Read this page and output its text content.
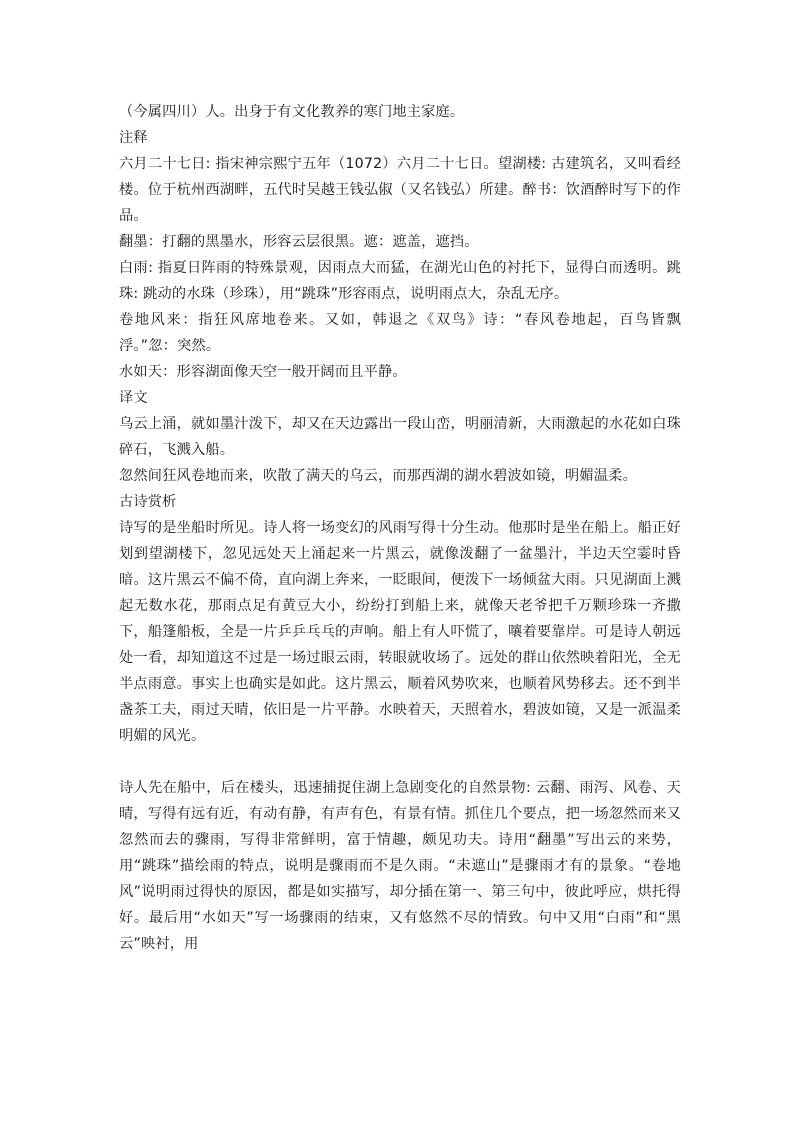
（今属四川）人。出身于有文化教养的寒门地主家庭。

注释

六月二十七日: 指宋神宗熙宁五年（1072）六月二十七日。望湖楼: 古建筑名，又叫看经楼。位于杭州西湖畔，五代时吴越王钱弘俶（又名钱弘）所建。醉书：饮酒醉时写下的作品。

翻墨：打翻的黑墨水，形容云层很黑。遮：遮盖，遮挡。

白雨: 指夏日阵雨的特殊景观，因雨点大而猛，在湖光山色的衬托下，显得白而透明。跳珠: 跳动的水珠（珍珠），用“跳珠”形容雨点，说明雨点大，杂乱无序。

卷地风来：指狂风席地卷来。又如，韩退之《双鸟》诗：“春风卷地起，百鸟皆飘浮。”忽：突然。

水如天：形容湖面像天空一般开阔而且平静。

译文

乌云上涌，就如墨汁泼下，却又在天边露出一段山峦，明丽清新，大雨激起的水花如白珠碎石，飞溅入船。

忽然间狂风卷地而来，吹散了满天的乌云，而那西湖的湖水碧波如镜，明媚温柔。

古诗赏析

诗写的是坐船时所见。诗人将一场变幻的风雨写得十分生动。他那时是坐在船上。船正好划到望湖楼下，忽见远处天上涌起来一片黑云，就像泼翻了一盆墨汁，半边天空霎时昏暗。这片黑云不偏不倚，直向湖上奔来，一眨眼间，便泼下一场倾盆大雨。只见湖面上溅起无数水花，那雨点足有黄豆大小，纷纷打到船上来，就像天老爷把千万颗珍珠一齐撒下，船篷船板，全是一片乒乒乓乓的声响。船上有人吓慌了，嚷着要靠岸。可是诗人朝远处一看，却知道这不过是一场过眼云雨，转眼就收场了。远处的群山依然映着阳光，全无半点雨意。事实上也确实是如此。这片黑云，顺着风势吹来，也顺着风势移去。还不到半盏茶工夫，雨过天晴，依旧是一片平静。水映着天，天照着水，碧波如镜，又是一派温柔明媚的风光。

诗人先在船中，后在楼头，迅速捕捉住湖上急剧变化的自然景物: 云翻、雨泻、风卷、天晴，写得有远有近，有动有静，有声有色，有景有情。抓住几个要点，把一场忽然而来又忽然而去的骤雨，写得非常鲜明，富于情趣，颇见功夫。诗用“翻墨”写出云的来势，用“跳珠”描绘雨的特点，说明是骤雨而不是久雨。“未遮山”是骤雨才有的景象。“卷地风”说明雨过得快的原因，都是如实描写，却分插在第一、第三句中，彼此呼应，烘托得好。最后用“水如天”写一场骤雨的结束，又有悠然不尽的情致。句中又用“白雨”和“黑云”映衬，用
